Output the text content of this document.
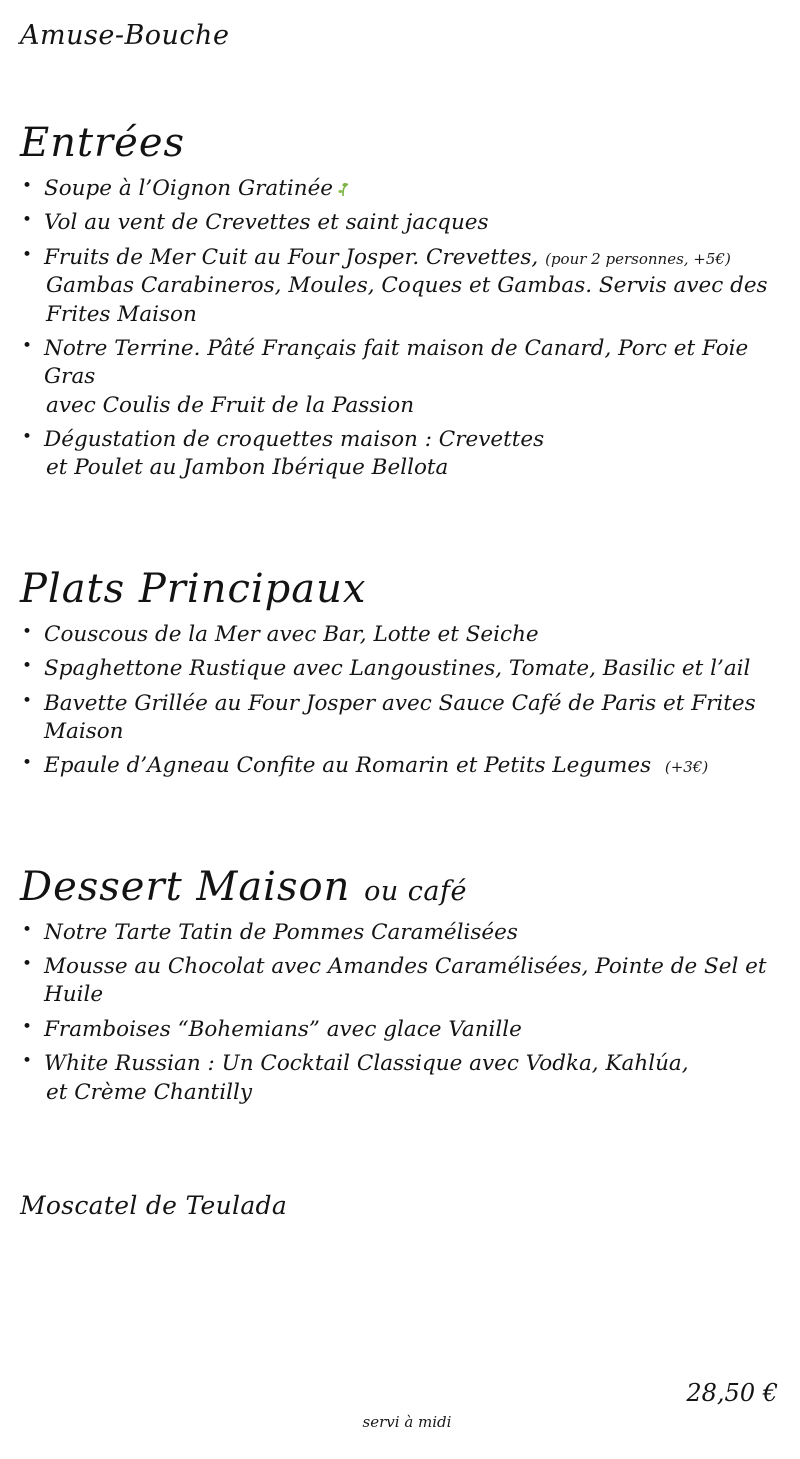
Amuse-Bouche
Entrées
• Soupe à l’Oignon Gratinée
• Vol au vent de Crevettes et saint jacques
• Fruits de Mer Cuit au Four Josper. Crevettes, (pour 2 personnes, +5€)
Gambas Carabineros, Moules, Coques et Gambas. Servis avec des Frites Maison
• Notre Terrine. Pâté Français fait maison de Canard, Porc et Foie Gras
avec Coulis de Fruit de la Passion
• Dégustation de croquettes maison : Crevettes
et Poulet au Jambon Ibérique Bellota
Plats Principaux
• Couscous de la Mer avec Bar, Lotte et Seiche
• Spaghettone Rustique avec Langoustines, Tomate, Basilic et l’ail
• Bavette Grillée au Four Josper avec Sauce Café de Paris et Frites Maison
• Epaule d’Agneau Confite au Romarin et Petits Legumes (+3€)
Dessert Maison ou café
• Notre Tarte Tatin de Pommes Caramélisées
• Mousse au Chocolat avec Amandes Caramélisées, Pointe de Sel et Huile
• Framboises “Bohemians” avec glace Vanille
• White Russian : Un Cocktail Classique avec Vodka, Kahlúa,
et Crème Chantilly
Moscatel de Teulada
28,50 €
servi à midi
